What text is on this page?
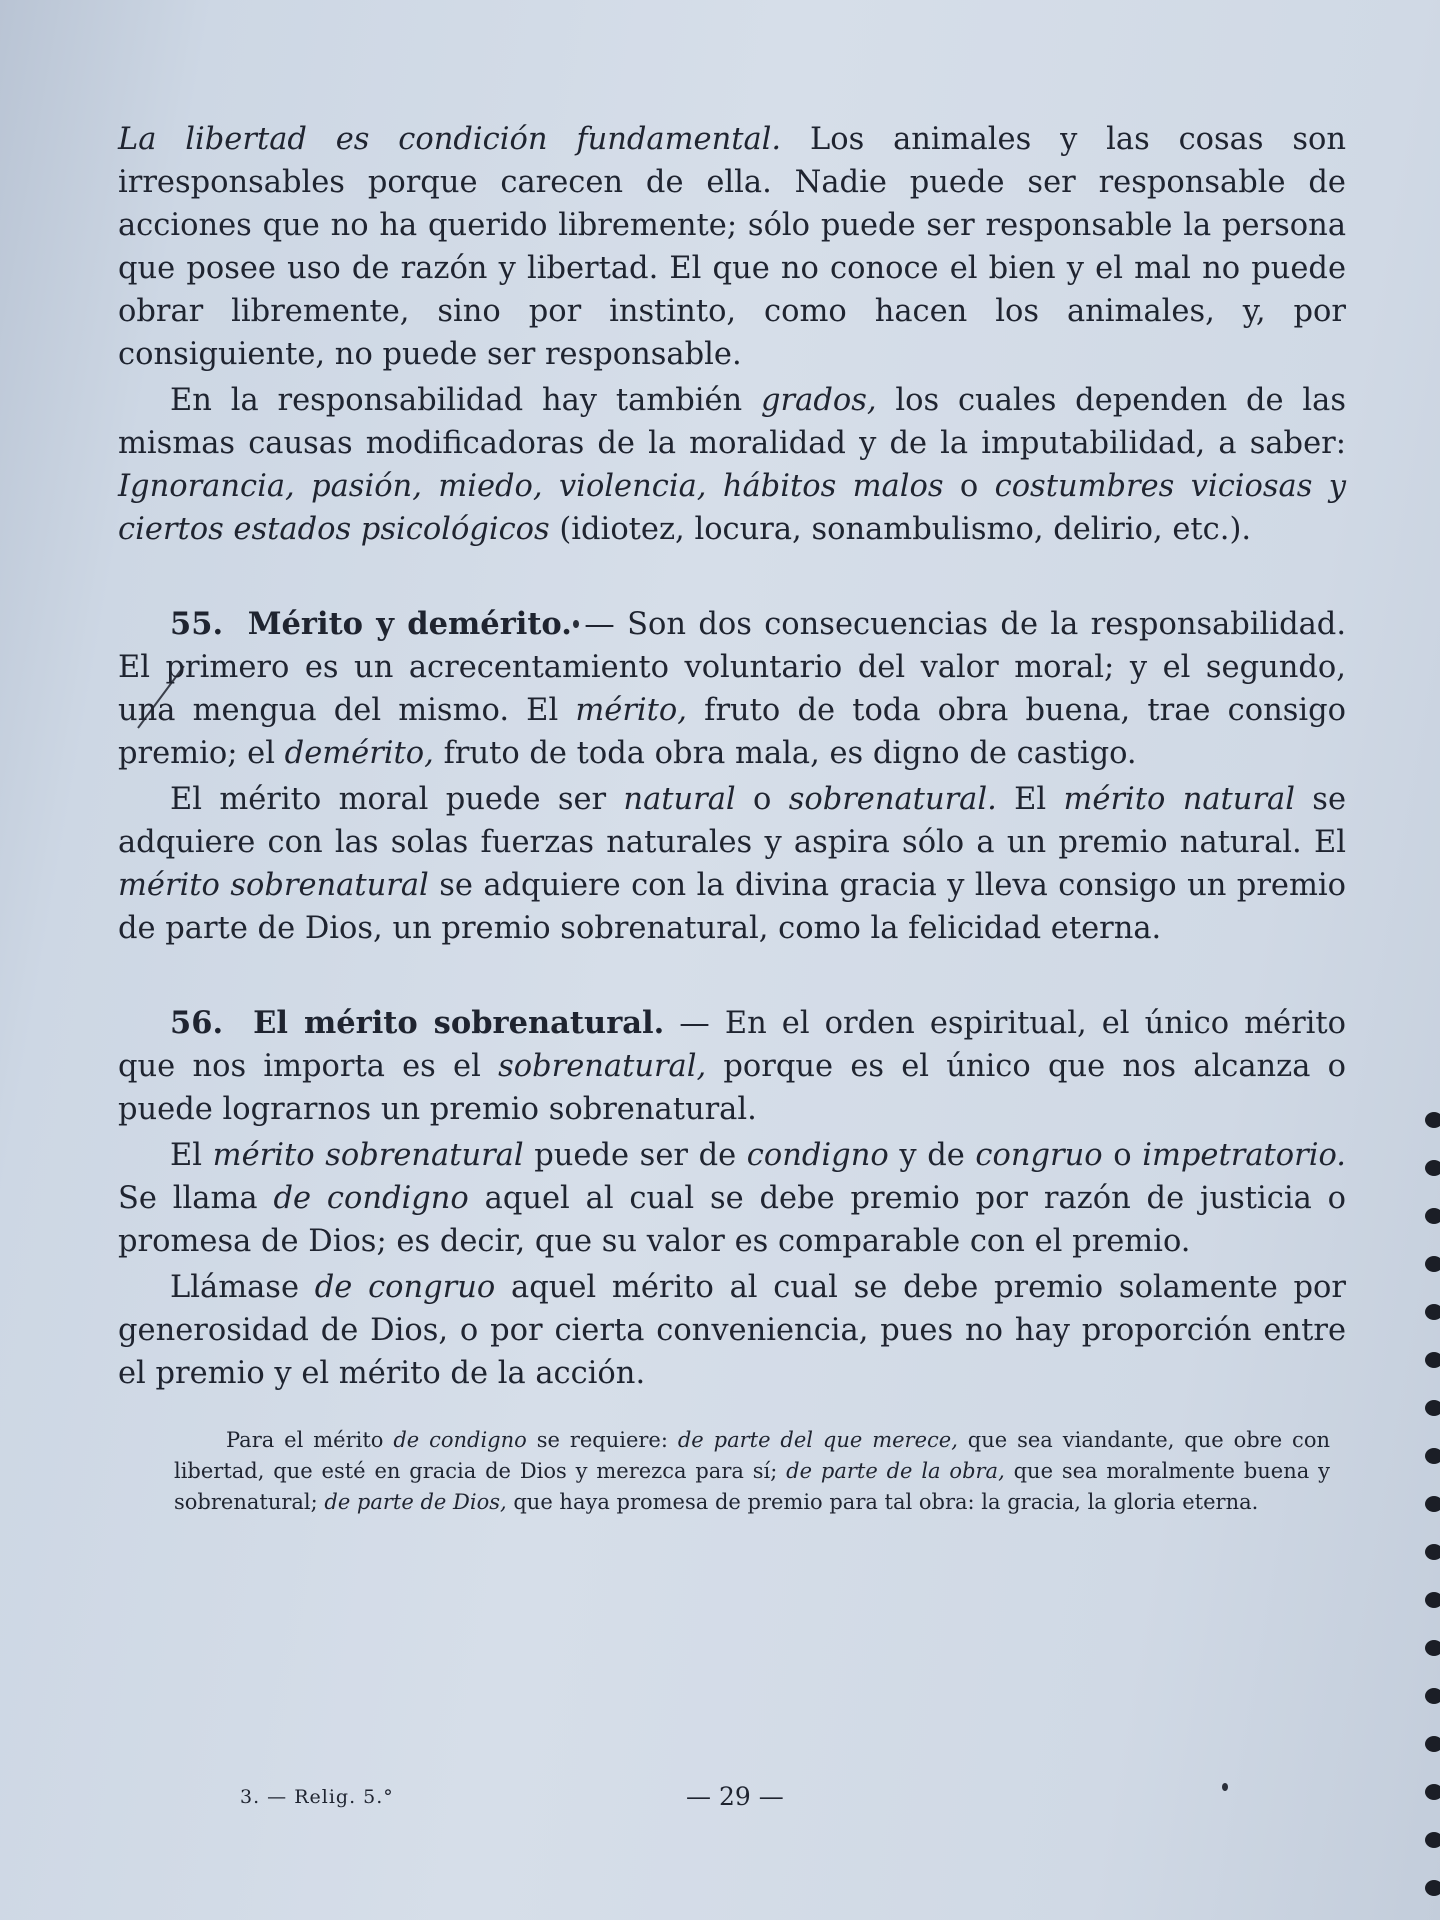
La libertad es condición fundamental. Los animales y las cosas son irresponsables porque carecen de ella. Nadie puede ser responsable de acciones que no ha querido libremente; sólo puede ser responsable la persona que posee uso de razón y libertad. El que no conoce el bien y el mal no puede obrar libremente, sino por instinto, como hacen los animales, y, por consiguiente, no puede ser responsable.

En la responsabilidad hay también grados, los cuales dependen de las mismas causas modificadoras de la moralidad y de la imputabilidad, a saber: Ignorancia, pasión, miedo, violencia, hábitos malos o costumbres viciosas y ciertos estados psicológicos (idiotez, locura, sonambulismo, delirio, etc.).

55. Mérito y demérito. — Son dos consecuencias de la responsabilidad. El primero es un acrecentamiento voluntario del valor moral; y el segundo, una mengua del mismo. El mérito, fruto de toda obra buena, trae consigo premio; el demérito, fruto de toda obra mala, es digno de castigo.

El mérito moral puede ser natural o sobrenatural. El mérito natural se adquiere con las solas fuerzas naturales y aspira sólo a un premio natural. El mérito sobrenatural se adquiere con la divina gracia y lleva consigo un premio de parte de Dios, un premio sobrenatural, como la felicidad eterna.

56. El mérito sobrenatural. — En el orden espiritual, el único mérito que nos importa es el sobrenatural, porque es el único que nos alcanza o puede lograrnos un premio sobrenatural.

El mérito sobrenatural puede ser de condigno y de congruo o impetratorio. Se llama de condigno aquel al cual se debe premio por razón de justicia o promesa de Dios; es decir, que su valor es comparable con el premio.

Llámase de congruo aquel mérito al cual se debe premio solamente por generosidad de Dios, o por cierta conveniencia, pues no hay proporción entre el premio y el mérito de la acción.

Para el mérito de condigno se requiere: de parte del que merece, que sea viandante, que obre con libertad, que esté en gracia de Dios y merezca para sí; de parte de la obra, que sea moralmente buena y sobrenatural; de parte de Dios, que haya promesa de premio para tal obra: la gracia, la gloria eterna.
3. — Relig. 5.°	— 29 —
